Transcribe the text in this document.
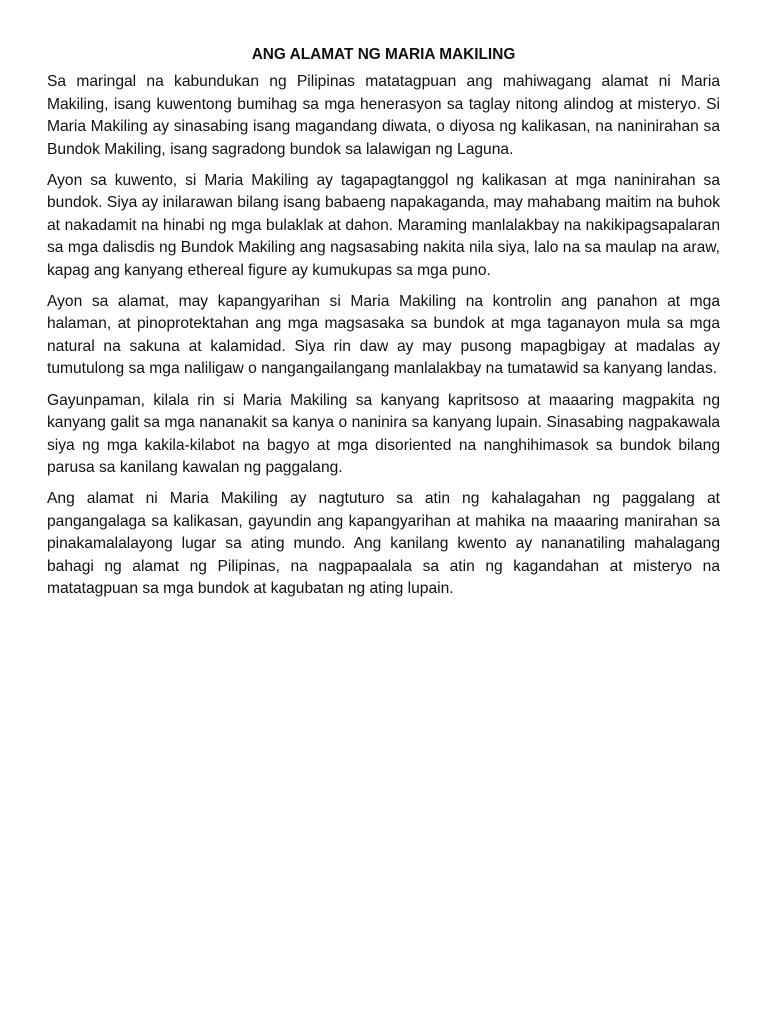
ANG ALAMAT NG MARIA MAKILING

Sa maringal na kabundukan ng Pilipinas matatagpuan ang mahiwagang alamat ni Maria Makiling, isang kuwentong bumihag sa mga henerasyon sa taglay nitong alindog at misteryo. Si Maria Makiling ay sinasabing isang magandang diwata, o diyosa ng kalikasan, na naninirahan sa Bundok Makiling, isang sagradong bundok sa lalawigan ng Laguna.

Ayon sa kuwento, si Maria Makiling ay tagapagtanggol ng kalikasan at mga naninirahan sa bundok. Siya ay inilarawan bilang isang babaeng napakaganda, may mahabang maitim na buhok at nakadamit na hinabi ng mga bulaklak at dahon. Maraming manlalakbay na nakikipagsapalaran sa mga dalisdis ng Bundok Makiling ang nagsasabing nakita nila siya, lalo na sa maulap na araw, kapag ang kanyang ethereal figure ay kumukupas sa mga puno.

Ayon sa alamat, may kapangyarihan si Maria Makiling na kontrolin ang panahon at mga halaman, at pinoprotektahan ang mga magsasaka sa bundok at mga taganayon mula sa mga natural na sakuna at kalamidad. Siya rin daw ay may pusong mapagbigay at madalas ay tumutulong sa mga naliligaw o nangangailangang manlalakbay na tumatawid sa kanyang landas.

Gayunpaman, kilala rin si Maria Makiling sa kanyang kapritsoso at maaaring magpakita ng kanyang galit sa mga nananakit sa kanya o naninira sa kanyang lupain. Sinasabing nagpakawala siya ng mga kakila-kilabot na bagyo at mga disoriented na nanghihimasok sa bundok bilang parusa sa kanilang kawalan ng paggalang.

Ang alamat ni Maria Makiling ay nagtuturo sa atin ng kahalagahan ng paggalang at pangangalaga sa kalikasan, gayundin ang kapangyarihan at mahika na maaaring manirahan sa pinakamalalayong lugar sa ating mundo. Ang kanilang kwento ay nananatiling mahalagang bahagi ng alamat ng Pilipinas, na nagpapaalala sa atin ng kagandahan at misteryo na matatagpuan sa mga bundok at kagubatan ng ating lupain.
